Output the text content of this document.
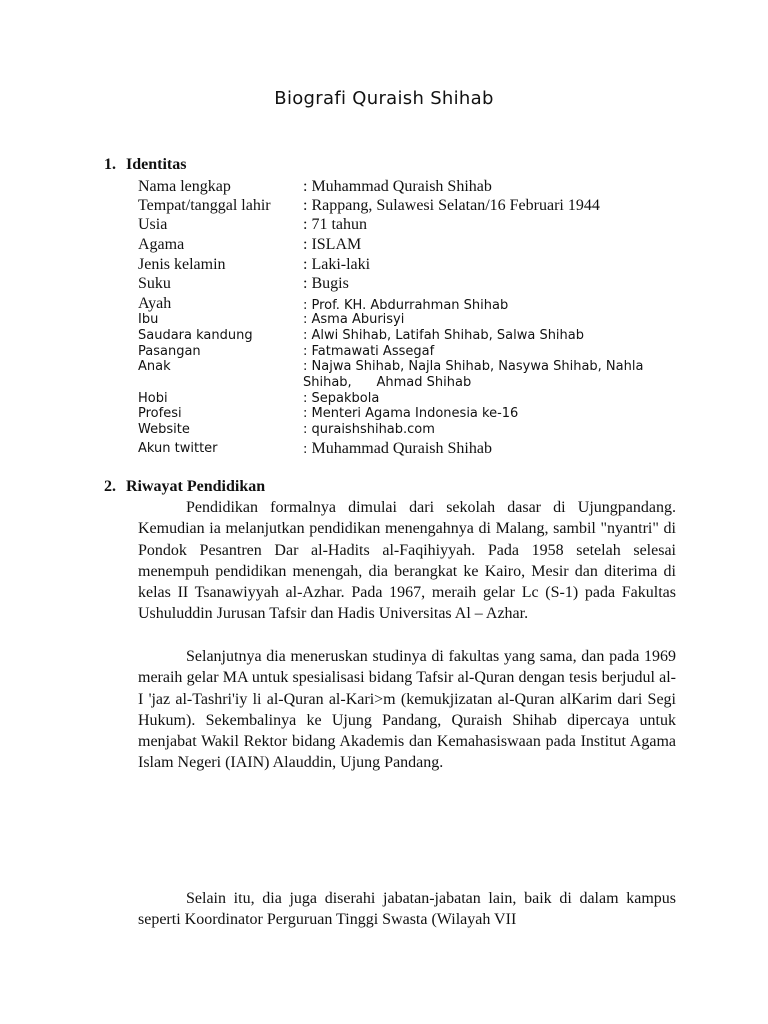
Biografi Quraish Shihab
1. Identitas
Nama lengkap	: Muhammad Quraish Shihab
Tempat/tanggal lahir : Rappang, Sulawesi Selatan/16 Februari 1944
Usia	: 71 tahun
Agama	: ISLAM
Jenis kelamin	: Laki-laki
Suku	: Bugis
Ayah	: Prof. KH. Abdurrahman Shihab
Ibu	: Asma Aburisyi
Saudara kandung	: Alwi Shihab, Latifah Shihab, Salwa Shihab
Pasangan	: Fatmawati Assegaf
Anak	: Najwa Shihab, Najla Shihab, Nasywa Shihab, Nahla Shihab,      Ahmad Shihab
Hobi	: Sepakbola
Profesi	: Menteri Agama Indonesia ke-16
Website	: quraishshihab.com
Akun twitter	: Muhammad Quraish Shihab
2. Riwayat Pendidikan

Pendidikan formalnya dimulai dari sekolah dasar di Ujungpandang. Kemudian ia melanjutkan pendidikan menengahnya di Malang, sambil "nyantri" di Pondok Pesantren Dar al-Hadits al-Faqihiyyah. Pada 1958 setelah selesai menempuh pendidikan menengah, dia berangkat ke Kairo, Mesir dan diterima di kelas II Tsanawiyyah al-Azhar. Pada 1967, meraih gelar Lc (S-1) pada Fakultas Ushuluddin Jurusan Tafsir dan Hadis Universitas Al – Azhar.

Selanjutnya dia meneruskan studinya di fakultas yang sama, dan pada 1969 meraih gelar MA untuk spesialisasi bidang Tafsir al-Quran dengan tesis berjudul al-I 'jaz al-Tashri'iy li al-Quran al-Kari>m (kemukjizatan al-Quran alKarim dari Segi Hukum). Sekembalinya ke Ujung Pandang, Quraish Shihab dipercaya untuk menjabat Wakil Rektor bidang Akademis dan Kemahasiswaan pada Institut Agama Islam Negeri (IAIN) Alauddin, Ujung Pandang.

Selain itu, dia juga diserahi jabatan-jabatan lain, baik di dalam kampus seperti Koordinator Perguruan Tinggi Swasta (Wilayah VII
